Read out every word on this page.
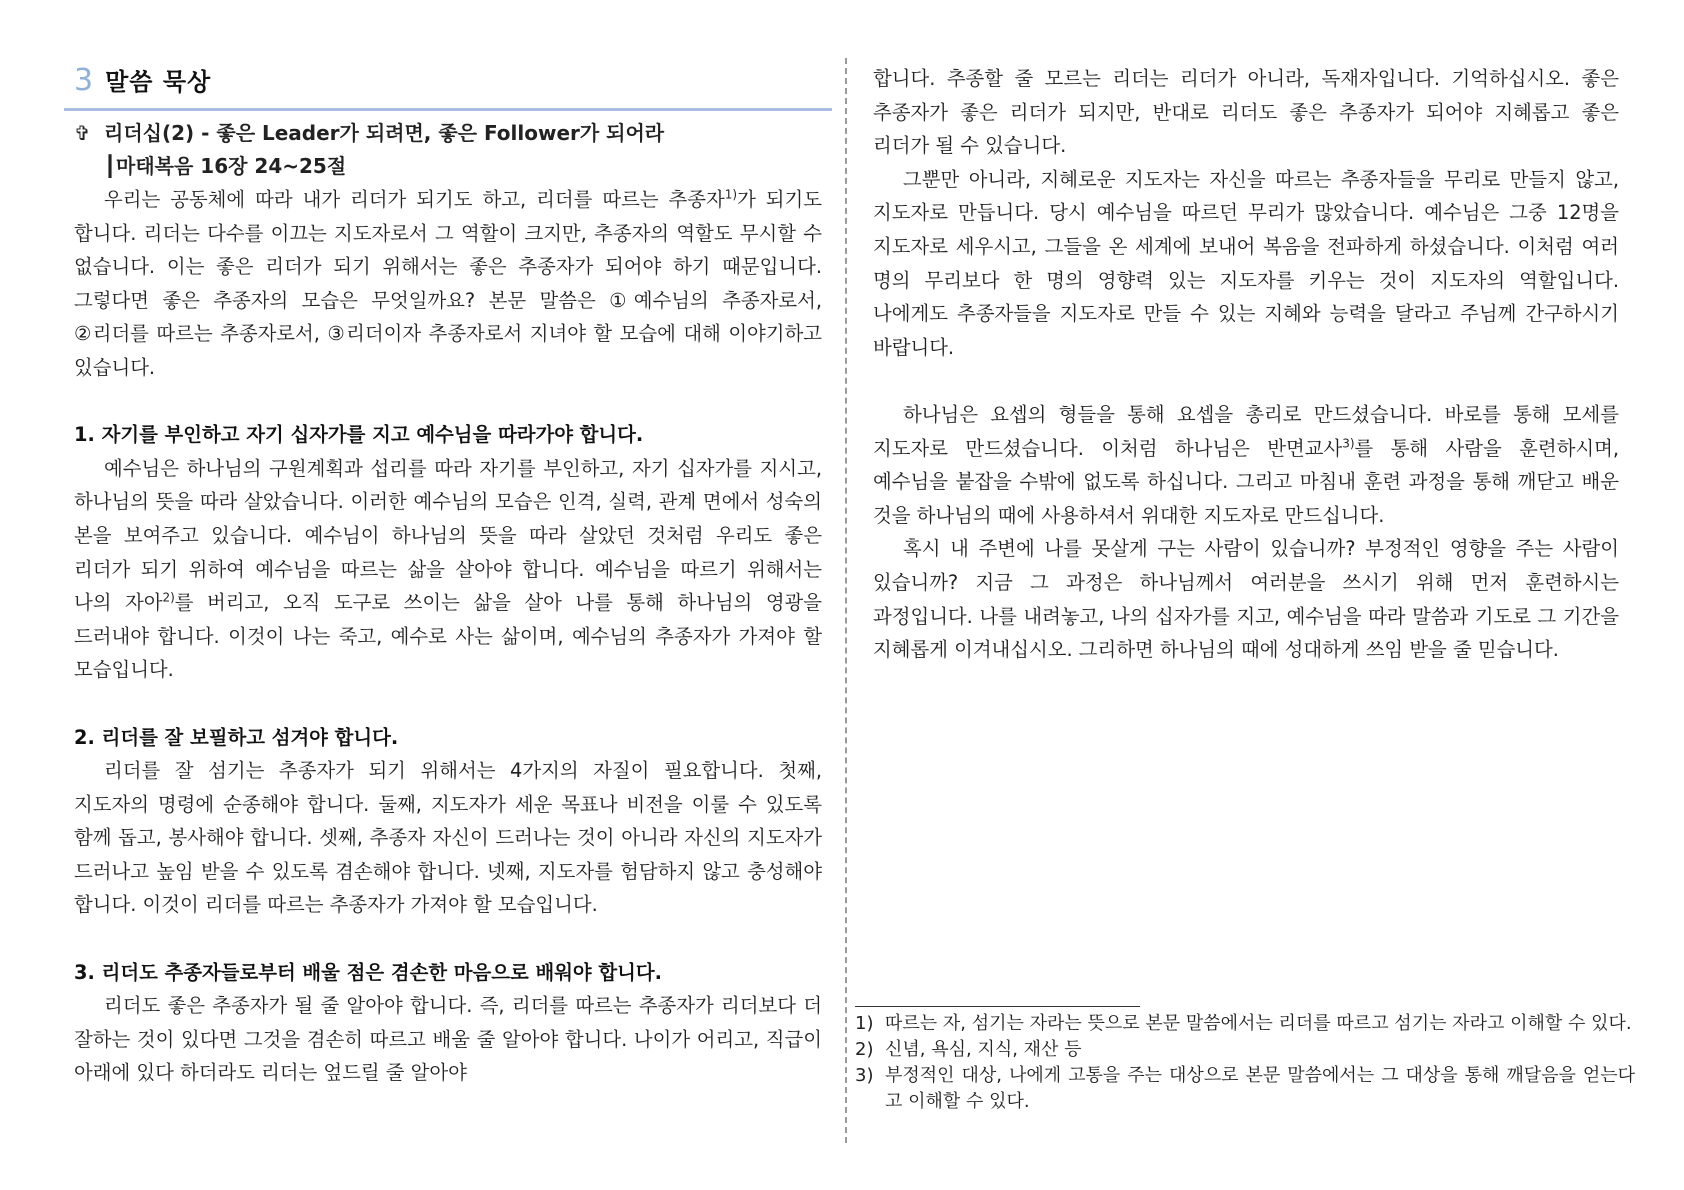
3 말씀 묵상
✞ 리더십(2) - 좋은 Leader가 되려면, 좋은 Follower가 되어라
┃마태복음 16장 24~25절

우리는 공동체에 따라 내가 리더가 되기도 하고, 리더를 따르는 추종자$^{1)}$가 되기도 합니다. 리더는 다수를 이끄는 지도자로서 그 역할이 크지만, 추종자의 역할도 무시할 수 없습니다. 이는 좋은 리더가 되기 위해서는 좋은 추종자가 되어야 하기 때문입니다. 그렇다면 좋은 추종자의 모습은 무엇일까요? 본문 말씀은 ①예수님의 추종자로서, ②리더를 따르는 추종자로서, ③리더이자 추종자로서 지녀야 할 모습에 대해 이야기하고 있습니다.

1. 자기를 부인하고 자기 십자가를 지고 예수님을 따라가야 합니다.

예수님은 하나님의 구원계획과 섭리를 따라 자기를 부인하고, 자기 십자가를 지시고, 하나님의 뜻을 따라 살았습니다. 이러한 예수님의 모습은 인격, 실력, 관계 면에서 성숙의 본을 보여주고 있습니다. 예수님이 하나님의 뜻을 따라 살았던 것처럼 우리도 좋은 리더가 되기 위하여 예수님을 따르는 삶을 살아야 합니다. 예수님을 따르기 위해서는 나의 자아$^{2)}$를 버리고, 오직 도구로 쓰이는 삶을 살아 나를 통해 하나님의 영광을 드러내야 합니다. 이것이 나는 죽고, 예수로 사는 삶이며, 예수님의 추종자가 가져야 할 모습입니다.

2. 리더를 잘 보필하고 섬겨야 합니다.

리더를 잘 섬기는 추종자가 되기 위해서는 4가지의 자질이 필요합니다. 첫째, 지도자의 명령에 순종해야 합니다. 둘째, 지도자가 세운 목표나 비전을 이룰 수 있도록 함께 돕고, 봉사해야 합니다. 셋째, 추종자 자신이 드러나는 것이 아니라 자신의 지도자가 드러나고 높임 받을 수 있도록 겸손해야 합니다. 넷째, 지도자를 험담하지 않고 충성해야 합니다. 이것이 리더를 따르는 추종자가 가져야 할 모습입니다.

3. 리더도 추종자들로부터 배울 점은 겸손한 마음으로 배워야 합니다.

리더도 좋은 추종자가 될 줄 알아야 합니다. 즉, 리더를 따르는 추종자가 리더보다 더 잘하는 것이 있다면 그것을 겸손히 따르고 배울 줄 알아야 합니다. 나이가 어리고, 직급이 아래에 있다 하더라도 리더는 엎드릴 줄 알아야

합니다. 추종할 줄 모르는 리더는 리더가 아니라, 독재자입니다. 기억하십시오. 좋은 추종자가 좋은 리더가 되지만, 반대로 리더도 좋은 추종자가 되어야 지혜롭고 좋은 리더가 될 수 있습니다.

그뿐만 아니라, 지혜로운 지도자는 자신을 따르는 추종자들을 무리로 만들지 않고, 지도자로 만듭니다. 당시 예수님을 따르던 무리가 많았습니다. 예수님은 그중 12명을 지도자로 세우시고, 그들을 온 세계에 보내어 복음을 전파하게 하셨습니다. 이처럼 여러 명의 무리보다 한 명의 영향력 있는 지도자를 키우는 것이 지도자의 역할입니다. 나에게도 추종자들을 지도자로 만들 수 있는 지혜와 능력을 달라고 주님께 간구하시기 바랍니다.

하나님은 요셉의 형들을 통해 요셉을 총리로 만드셨습니다. 바로를 통해 모세를 지도자로 만드셨습니다. 이처럼 하나님은 반면교사$^{3)}$를 통해 사람을 훈련하시며, 예수님을 붙잡을 수밖에 없도록 하십니다. 그리고 마침내 훈련 과정을 통해 깨닫고 배운 것을 하나님의 때에 사용하셔서 위대한 지도자로 만드십니다.

혹시 내 주변에 나를 못살게 구는 사람이 있습니까? 부정적인 영향을 주는 사람이 있습니까? 지금 그 과정은 하나님께서 여러분을 쓰시기 위해 먼저 훈련하시는 과정입니다. 나를 내려놓고, 나의 십자가를 지고, 예수님을 따라 말씀과 기도로 그 기간을 지혜롭게 이겨내십시오. 그리하면 하나님의 때에 성대하게 쓰임 받을 줄 믿습니다.

1) 따르는 자, 섬기는 자라는 뜻으로 본문 말씀에서는 리더를 따르고 섬기는 자라고 이해할 수 있다.
2) 신념, 욕심, 지식, 재산 등
3) 부정적인 대상, 나에게 고통을 주는 대상으로 본문 말씀에서는 그 대상을 통해 깨달음을 얻는다고 이해할 수 있다.
